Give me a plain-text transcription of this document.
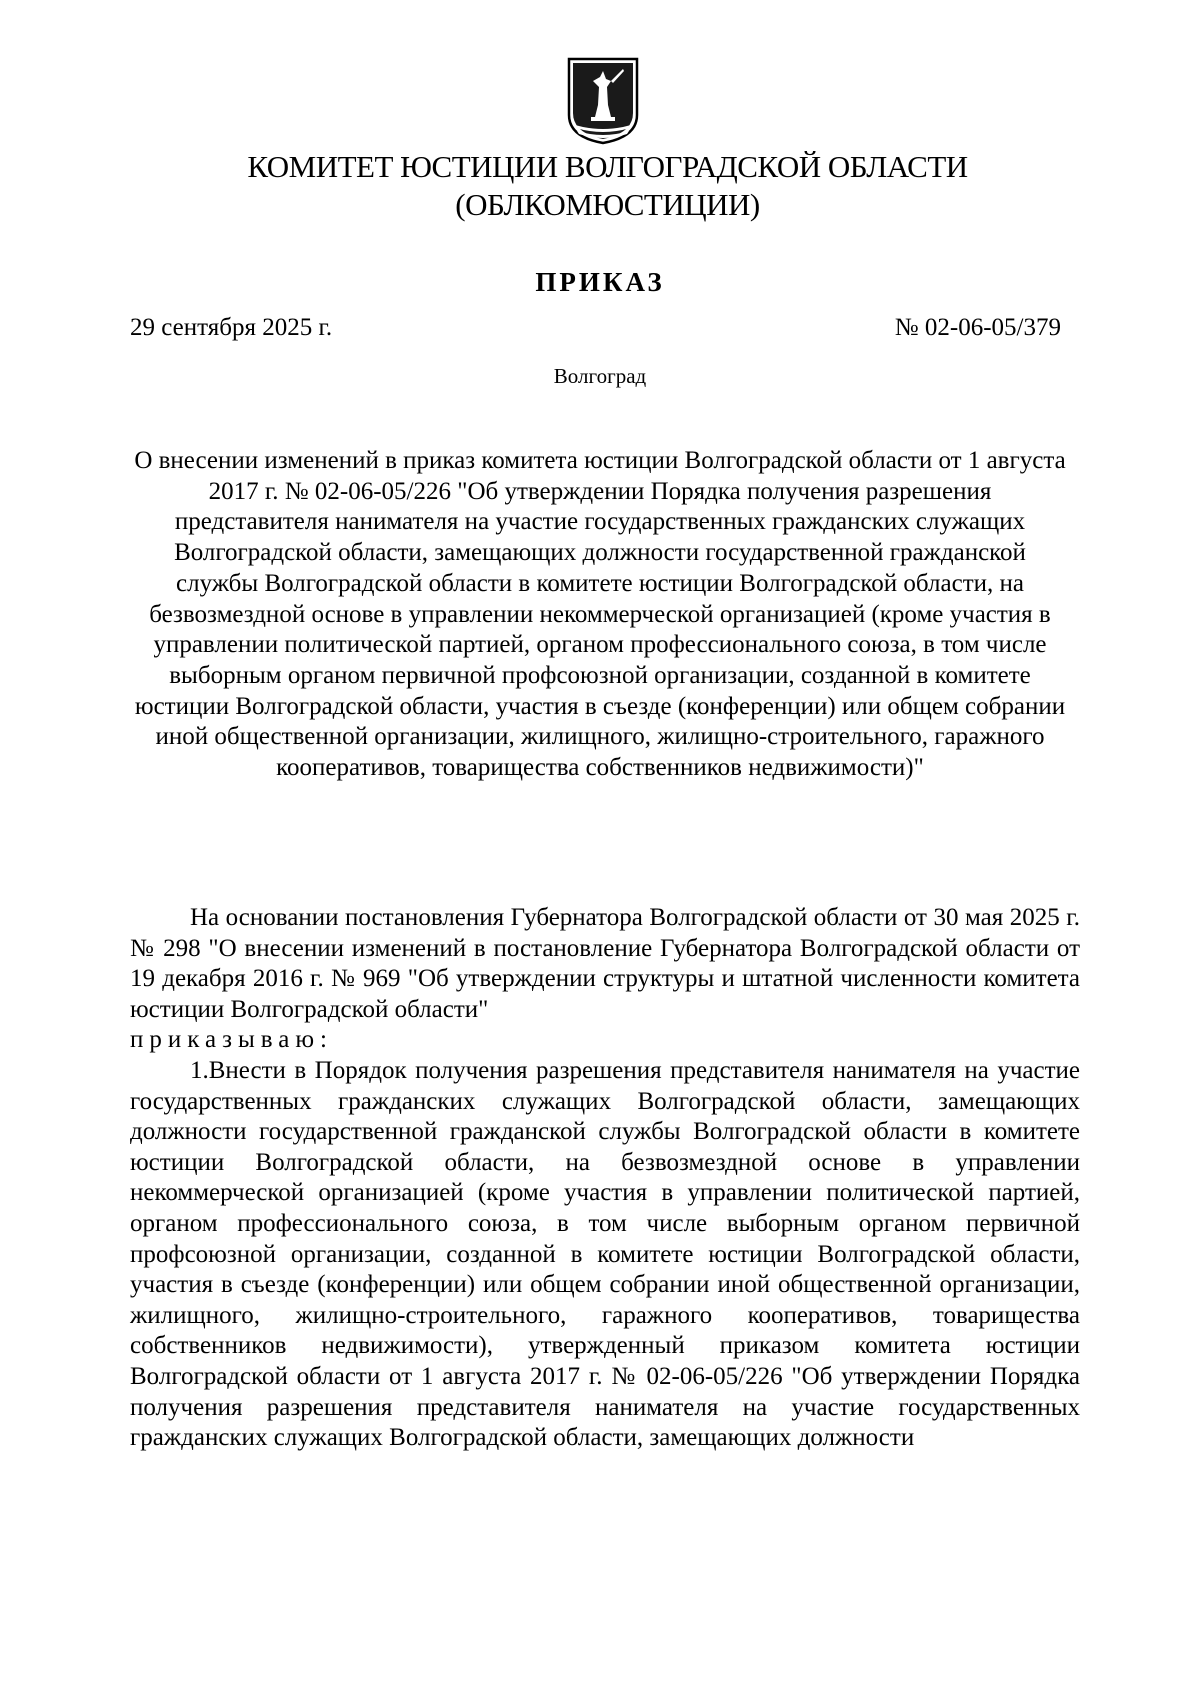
КОМИТЕТ ЮСТИЦИИ ВОЛГОГРАДСКОЙ ОБЛАСТИ
(ОБЛКОМЮСТИЦИИ)
ПРИКАЗ
29 сентября 2025 г.	№ 02-06-05/379
Волгоград
О внесении изменений в приказ комитета юстиции Волгоградской области от 1 августа 2017 г. № 02-06-05/226 "Об утверждении Порядка получения разрешения представителя нанимателя на участие государственных гражданских служащих Волгоградской области, замещающих должности государственной гражданской службы Волгоградской области в комитете юстиции Волгоградской области, на безвозмездной основе в управлении некоммерческой организацией (кроме участия в управлении политической партией, органом профессионального союза, в том числе выборным органом первичной профсоюзной организации, созданной в комитете юстиции Волгоградской области, участия в съезде (конференции) или общем собрании иной общественной организации, жилищного, жилищно-строительного, гаражного кооперативов, товарищества собственников недвижимости)"

На основании постановления Губернатора Волгоградской области от 30 мая 2025 г. № 298 "О внесении изменений в постановление Губернатора Волгоградской области от 19 декабря 2016 г. № 969 "Об утверждении структуры и штатной численности комитета юстиции Волгоградской области"

приказываю:

1.Внести в Порядок получения разрешения представителя нанимателя на участие государственных гражданских служащих Волгоградской области, замещающих должности государственной гражданской службы Волгоградской области в комитете юстиции Волгоградской области, на безвозмездной основе в управлении некоммерческой организацией (кроме участия в управлении политической партией, органом профессионального союза, в том числе выборным органом первичной профсоюзной организации, созданной в комитете юстиции Волгоградской области, участия в съезде (конференции) или общем собрании иной общественной организации, жилищного, жилищно-строительного, гаражного кооперативов, товарищества собственников недвижимости), утвержденный приказом комитета юстиции Волгоградской области от 1 августа 2017 г. № 02-06-05/226 "Об утверждении Порядка получения разрешения представителя нанимателя на участие государственных гражданских служащих Волгоградской области, замещающих должности
